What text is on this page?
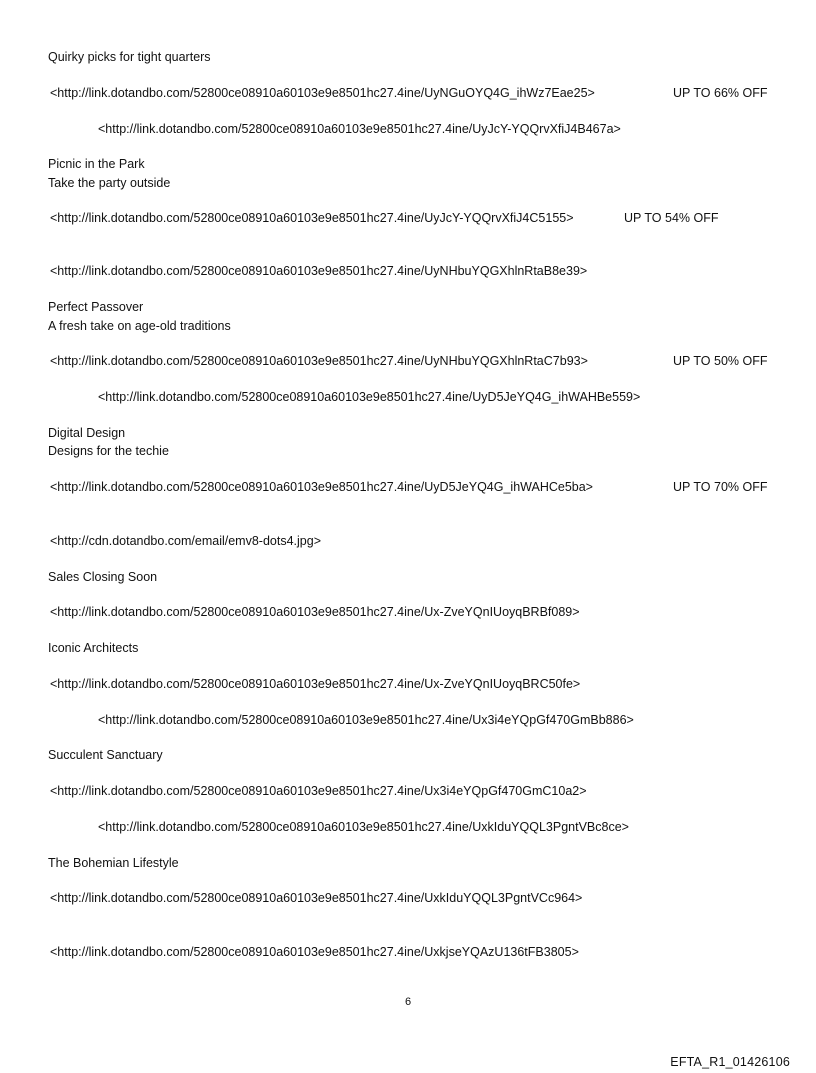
Quirky picks for tight quarters
<http://link.dotandbo.com/52800ce08910a60103e9e8501hc27.4ine/UyNGuOYQ4G_ihWz7Eae25>	UP TO 66% OFF
<http://link.dotandbo.com/52800ce08910a60103e9e8501hc27.4ine/UyJcY-YQQrvXfiJ4B467a>
Picnic in the Park
Take the party outside
<http://link.dotandbo.com/52800ce08910a60103e9e8501hc27.4ine/UyJcY-YQQrvXfiJ4C5155>	UP TO 54% OFF
<http://link.dotandbo.com/52800ce08910a60103e9e8501hc27.4ine/UyNHbuYQGXhlnRtaB8e39>
Perfect Passover
A fresh take on age-old traditions
<http://link.dotandbo.com/52800ce08910a60103e9e8501hc27.4ine/UyNHbuYQGXhlnRtaC7b93>	UP TO 50% OFF
<http://link.dotandbo.com/52800ce08910a60103e9e8501hc27.4ine/UyD5JeYQ4G_ihWAHBe559>
Digital Design
Designs for the techie
<http://link.dotandbo.com/52800ce08910a60103e9e8501hc27.4ine/UyD5JeYQ4G_ihWAHCe5ba>	UP TO 70% OFF
<http://cdn.dotandbo.com/email/emv8-dots4.jpg>
Sales Closing Soon
<http://link.dotandbo.com/52800ce08910a60103e9e8501hc27.4ine/Ux-ZveYQnIUoyqBRBf089>
Iconic Architects
<http://link.dotandbo.com/52800ce08910a60103e9e8501hc27.4ine/Ux-ZveYQnIUoyqBRC50fe>
<http://link.dotandbo.com/52800ce08910a60103e9e8501hc27.4ine/Ux3i4eYQpGf470GmBb886>
Succulent Sanctuary
<http://link.dotandbo.com/52800ce08910a60103e9e8501hc27.4ine/Ux3i4eYQpGf470GmC10a2>
<http://link.dotandbo.com/52800ce08910a60103e9e8501hc27.4ine/UxkIduYQQL3PgntVBc8ce>
The Bohemian Lifestyle
<http://link.dotandbo.com/52800ce08910a60103e9e8501hc27.4ine/UxkIduYQQL3PgntVCc964>
<http://link.dotandbo.com/52800ce08910a60103e9e8501hc27.4ine/UxkjseYQAzU136tFB3805>
6
EFTA_R1_01426106
